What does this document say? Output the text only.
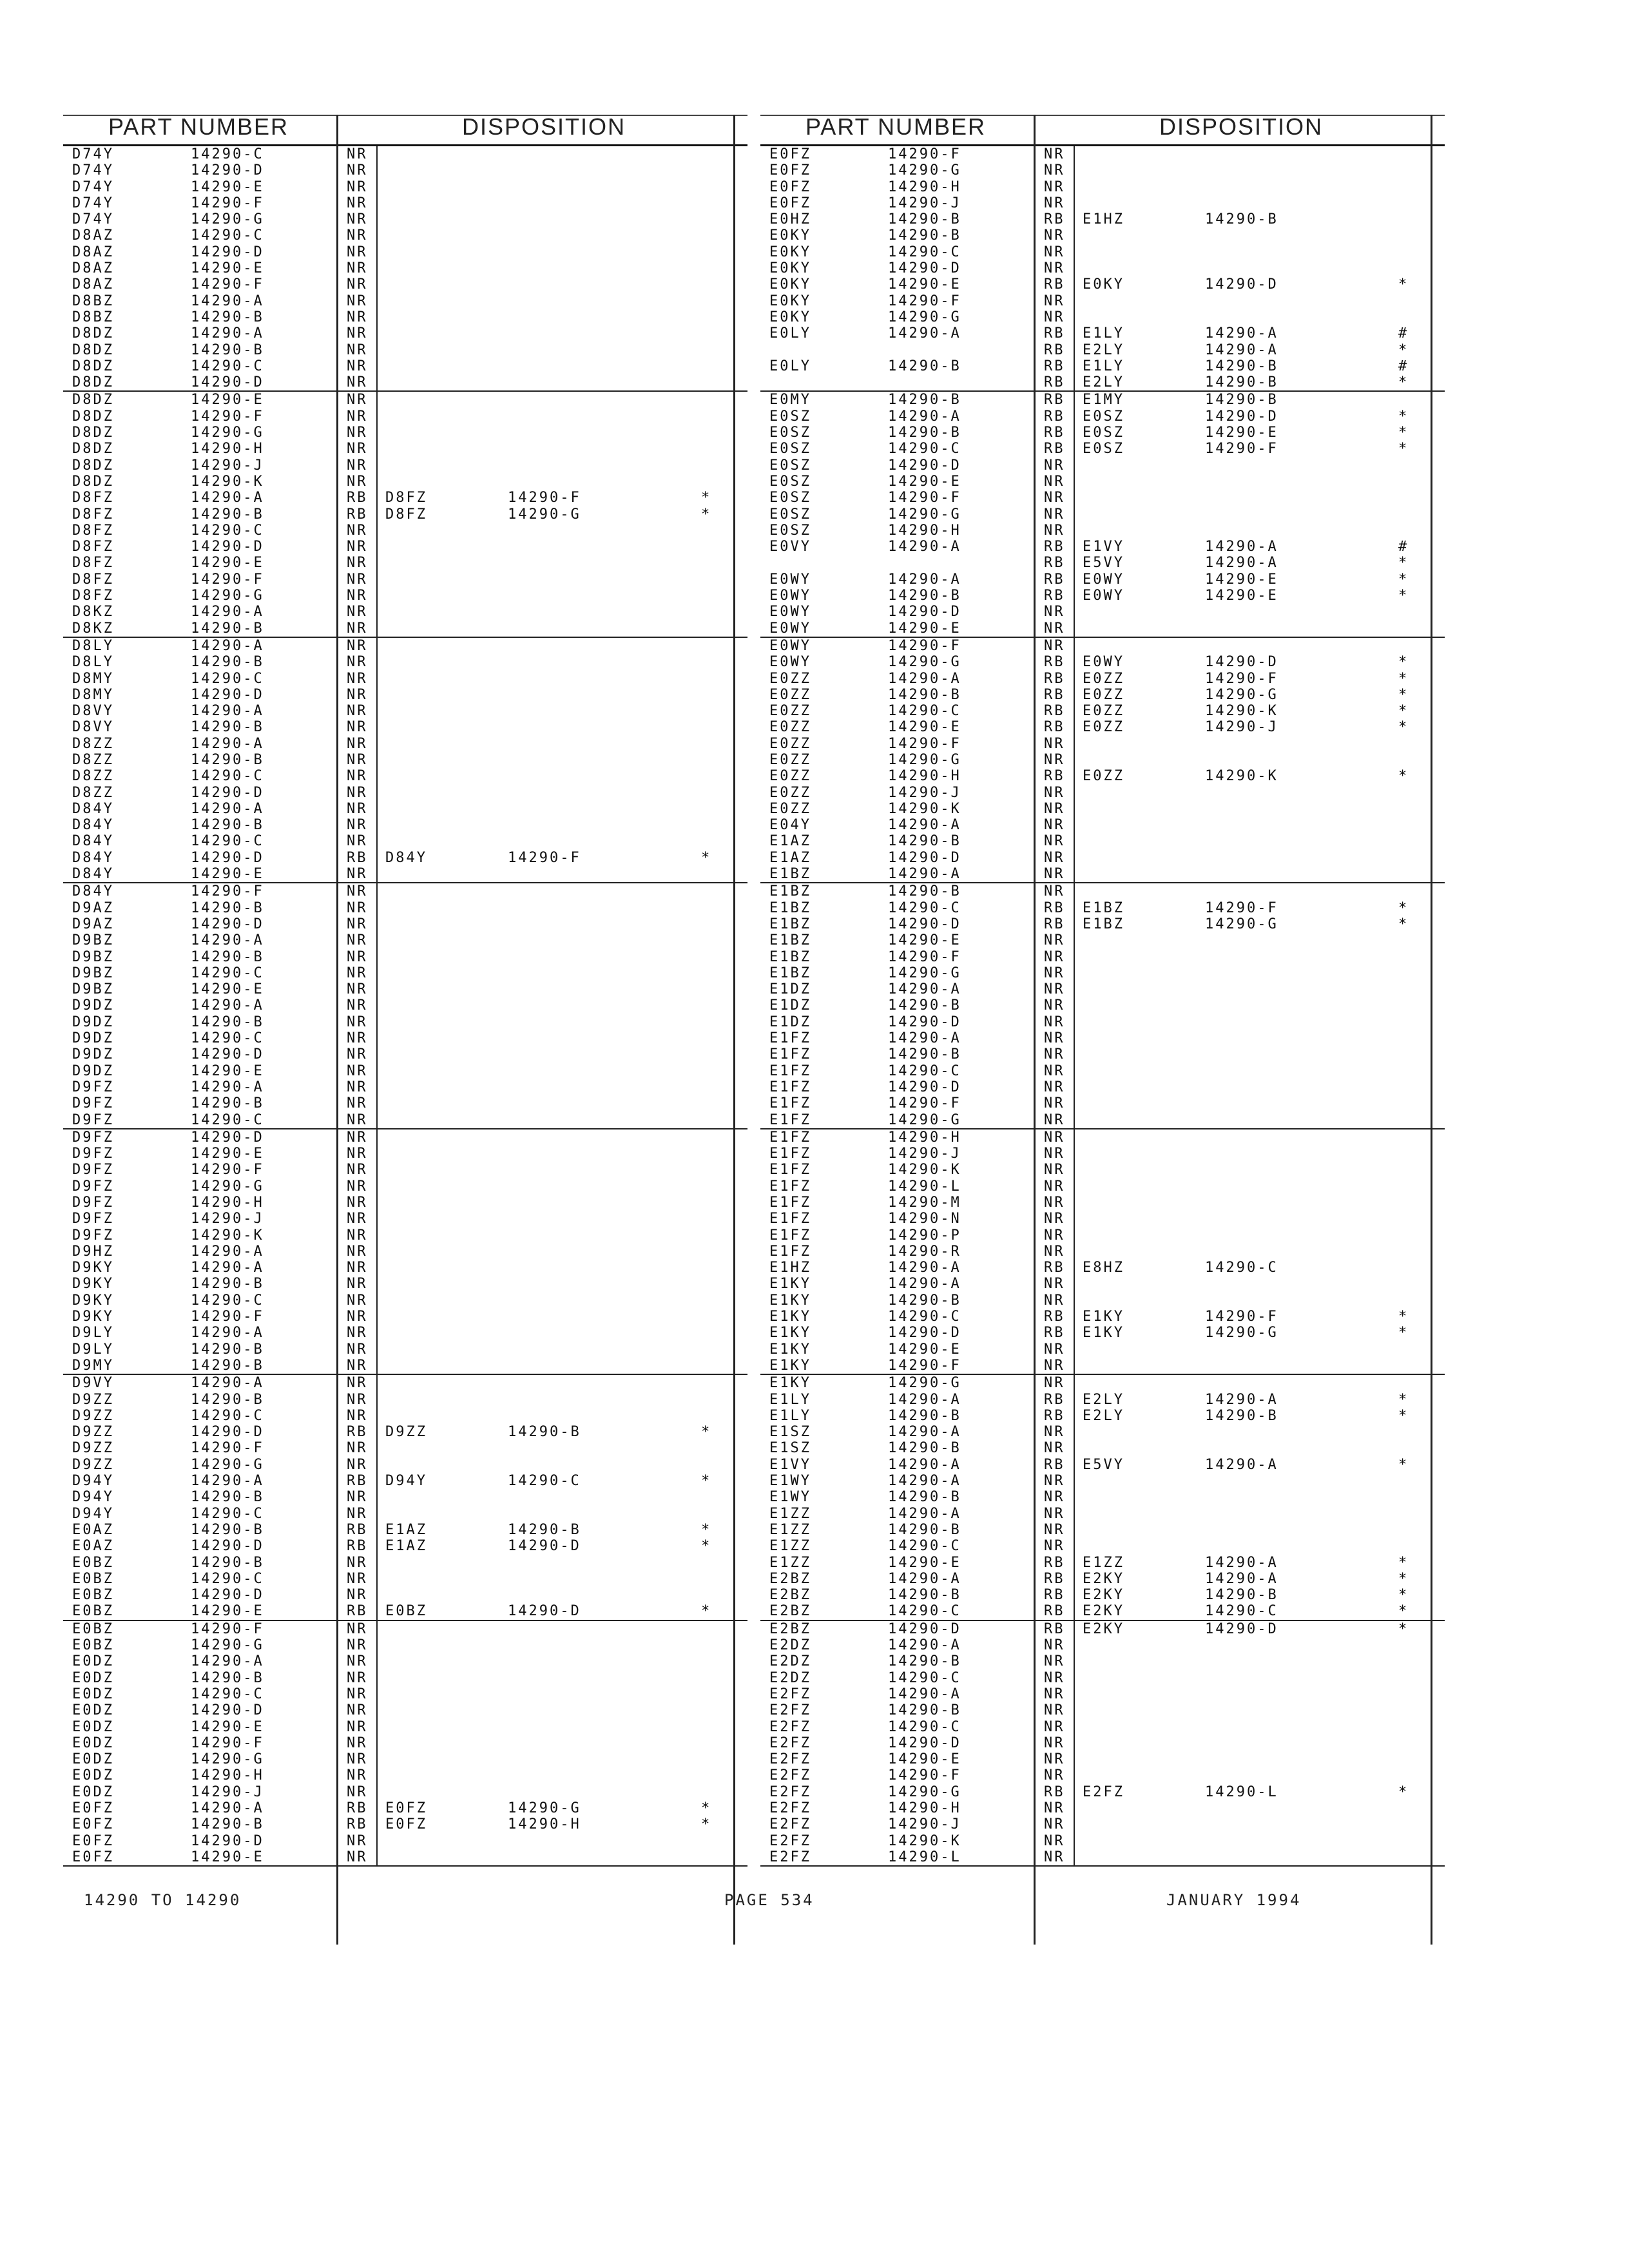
PART NUMBER	DISPOSITION
D74Y	14290-C	NR
D74Y	14290-D	NR
D74Y	14290-E	NR
D74Y	14290-F	NR
D74Y	14290-G	NR
D8AZ	14290-C	NR
D8AZ	14290-D	NR
D8AZ	14290-E	NR
D8AZ	14290-F	NR
D8BZ	14290-A	NR
D8BZ	14290-B	NR
D8DZ	14290-A	NR
D8DZ	14290-B	NR
D8DZ	14290-C	NR
D8DZ	14290-D	NR
D8DZ	14290-E	NR
D8DZ	14290-F	NR
D8DZ	14290-G	NR
D8DZ	14290-H	NR
D8DZ	14290-J	NR
D8DZ	14290-K	NR
D8FZ	14290-A	RB D8FZ	14290-F	*
D8FZ	14290-B	RB D8FZ	14290-G	*
D8FZ	14290-C	NR
D8FZ	14290-D	NR
D8FZ	14290-E	NR
D8FZ	14290-F	NR
D8FZ	14290-G	NR
D8KZ	14290-A	NR
D8KZ	14290-B	NR
D8LY	14290-A	NR
D8LY	14290-B	NR
D8MY	14290-C	NR
D8MY	14290-D	NR
D8VY	14290-A	NR
D8VY	14290-B	NR
D8ZZ	14290-A	NR
D8ZZ	14290-B	NR
D8ZZ	14290-C	NR
D8ZZ	14290-D	NR
D84Y	14290-A	NR
D84Y	14290-B	NR
D84Y	14290-C	NR
D84Y	14290-D	RB D84Y	14290-F	*
D84Y	14290-E	NR
D84Y	14290-F	NR
D9AZ	14290-B	NR
D9AZ	14290-D	NR
D9BZ	14290-A	NR
D9BZ	14290-B	NR
D9BZ	14290-C	NR
D9BZ	14290-E	NR
D9DZ	14290-A	NR
D9DZ	14290-B	NR
D9DZ	14290-C	NR
D9DZ	14290-D	NR
D9DZ	14290-E	NR
D9FZ	14290-A	NR
D9FZ	14290-B	NR
D9FZ	14290-C	NR
D9FZ	14290-D	NR
D9FZ	14290-E	NR
D9FZ	14290-F	NR
D9FZ	14290-G	NR
D9FZ	14290-H	NR
D9FZ	14290-J	NR
D9FZ	14290-K	NR
D9HZ	14290-A	NR
D9KY	14290-A	NR
D9KY	14290-B	NR
D9KY	14290-C	NR
D9KY	14290-F	NR
D9LY	14290-A	NR
D9LY	14290-B	NR
D9MY	14290-B	NR
D9VY	14290-A	NR
D9ZZ	14290-B	NR
D9ZZ	14290-C	NR
D9ZZ	14290-D	RB D9ZZ	14290-B	*
D9ZZ	14290-F	NR
D9ZZ	14290-G	NR
D94Y	14290-A	RB D94Y	14290-C	*
D94Y	14290-B	NR
D94Y	14290-C	NR
E0AZ	14290-B	RB E1AZ	14290-B	*
E0AZ	14290-D	RB E1AZ	14290-D	*
E0BZ	14290-B	NR
E0BZ	14290-C	NR
E0BZ	14290-D	NR
E0BZ	14290-E	RB E0BZ	14290-D	*
E0BZ	14290-F	NR
E0BZ	14290-G	NR
E0DZ	14290-A	NR
E0DZ	14290-B	NR
E0DZ	14290-C	NR
E0DZ	14290-D	NR
E0DZ	14290-E	NR
E0DZ	14290-F	NR
E0DZ	14290-G	NR
E0DZ	14290-H	NR
E0DZ	14290-J	NR
E0FZ	14290-A	RB E0FZ	14290-G	*
E0FZ	14290-B	RB E0FZ	14290-H	*
E0FZ	14290-D	NR
E0FZ	14290-E	NR
PART NUMBER	DISPOSITION
E0FZ	14290-F	NR
E0FZ	14290-G	NR
E0FZ	14290-H	NR
E0FZ	14290-J	NR
E0HZ	14290-B	RB E1HZ	14290-B
E0KY	14290-B	NR
E0KY	14290-C	NR
E0KY	14290-D	NR
E0KY	14290-E	RB E0KY	14290-D	*
E0KY	14290-F	NR
E0KY	14290-G	NR
E0LY	14290-A	RB E1LY	14290-A	#
RB E2LY	14290-A	*
E0LY	14290-B	RB E1LY	14290-B	#
RB E2LY	14290-B	*
E0MY	14290-B	RB E1MY	14290-B
E0SZ	14290-A	RB E0SZ	14290-D	*
E0SZ	14290-B	RB E0SZ	14290-E	*
E0SZ	14290-C	RB E0SZ	14290-F	*
E0SZ	14290-D	NR
E0SZ	14290-E	NR
E0SZ	14290-F	NR
E0SZ	14290-G	NR
E0SZ	14290-H	NR
E0VY	14290-A	RB E1VY	14290-A	#
RB E5VY	14290-A	*
E0WY	14290-A	RB E0WY	14290-E	*
E0WY	14290-B	RB E0WY	14290-E	*
E0WY	14290-D	NR
E0WY	14290-E	NR
E0WY	14290-F	NR
E0WY	14290-G	RB E0WY	14290-D	*
E0ZZ	14290-A	RB E0ZZ	14290-F	*
E0ZZ	14290-B	RB E0ZZ	14290-G	*
E0ZZ	14290-C	RB E0ZZ	14290-K	*
E0ZZ	14290-E	RB E0ZZ	14290-J	*
E0ZZ	14290-F	NR
E0ZZ	14290-G	NR
E0ZZ	14290-H	RB E0ZZ	14290-K	*
E0ZZ	14290-J	NR
E0ZZ	14290-K	NR
E04Y	14290-A	NR
E1AZ	14290-B	NR
E1AZ	14290-D	NR
E1BZ	14290-A	NR
E1BZ	14290-B	NR
E1BZ	14290-C	RB E1BZ	14290-F	*
E1BZ	14290-D	RB E1BZ	14290-G	*
E1BZ	14290-E	NR
E1BZ	14290-F	NR
E1BZ	14290-G	NR
E1DZ	14290-A	NR
E1DZ	14290-B	NR
E1DZ	14290-D	NR
E1FZ	14290-A	NR
E1FZ	14290-B	NR
E1FZ	14290-C	NR
E1FZ	14290-D	NR
E1FZ	14290-F	NR
E1FZ	14290-G	NR
E1FZ	14290-H	NR
E1FZ	14290-J	NR
E1FZ	14290-K	NR
E1FZ	14290-L	NR
E1FZ	14290-M	NR
E1FZ	14290-N	NR
E1FZ	14290-P	NR
E1FZ	14290-R	NR
E1HZ	14290-A	RB E8HZ	14290-C
E1KY	14290-A	NR
E1KY	14290-B	NR
E1KY	14290-C	RB E1KY	14290-F	*
E1KY	14290-D	RB E1KY	14290-G	*
E1KY	14290-E	NR
E1KY	14290-F	NR
E1KY	14290-G	NR
E1LY	14290-A	RB E2LY	14290-A	*
E1LY	14290-B	RB E2LY	14290-B	*
E1SZ	14290-A	NR
E1SZ	14290-B	NR
E1VY	14290-A	RB E5VY	14290-A	*
E1WY	14290-A	NR
E1WY	14290-B	NR
E1ZZ	14290-A	NR
E1ZZ	14290-B	NR
E1ZZ	14290-C	NR
E1ZZ	14290-E	RB E1ZZ	14290-A	*
E2BZ	14290-A	RB E2KY	14290-A	*
E2BZ	14290-B	RB E2KY	14290-B	*
E2BZ	14290-C	RB E2KY	14290-C	*
E2BZ	14290-D	RB E2KY	14290-D	*
E2DZ	14290-A	NR
E2DZ	14290-B	NR
E2DZ	14290-C	NR
E2FZ	14290-A	NR
E2FZ	14290-B	NR
E2FZ	14290-C	NR
E2FZ	14290-D	NR
E2FZ	14290-E	NR
E2FZ	14290-F	NR
E2FZ	14290-G	RB E2FZ	14290-L	*
E2FZ	14290-H	NR
E2FZ	14290-J	NR
E2FZ	14290-K	NR
E2FZ	14290-L	NR
14290 TO 14290	PAGE 534	JANUARY 1994
